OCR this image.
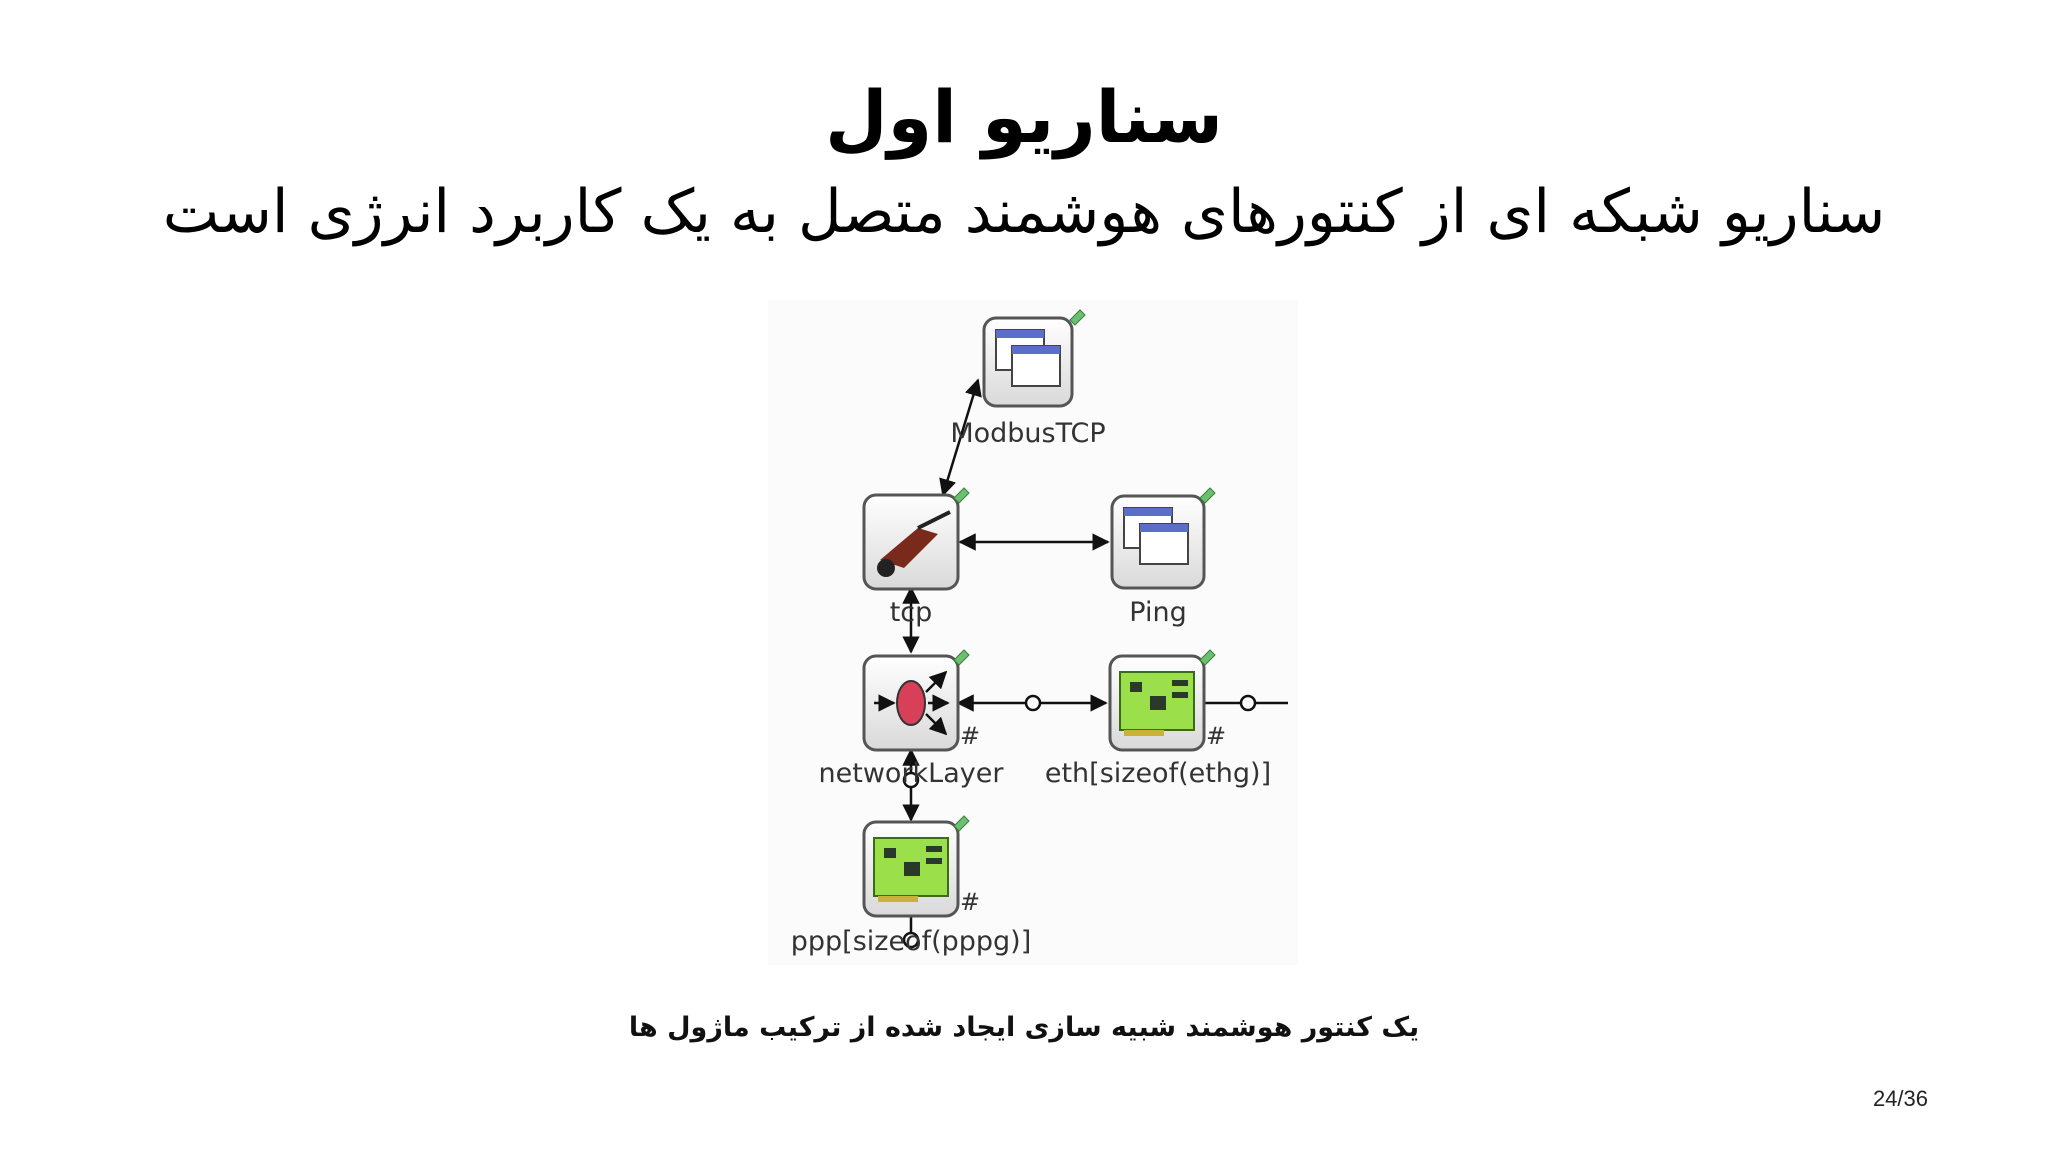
سناریو اول
سناریو شبکه ای از کنتورهای هوشمند متصل به یک کاربرد انرژی است
ModbusTCP
tcp	Ping
#
networkLayer
#
eth[sizeof(ethg)]
#
ppp[sizeof(pppg)]
یک کنتور هوشمند شبیه سازی ایجاد شده از ترکیب ماژول ها
24/36
